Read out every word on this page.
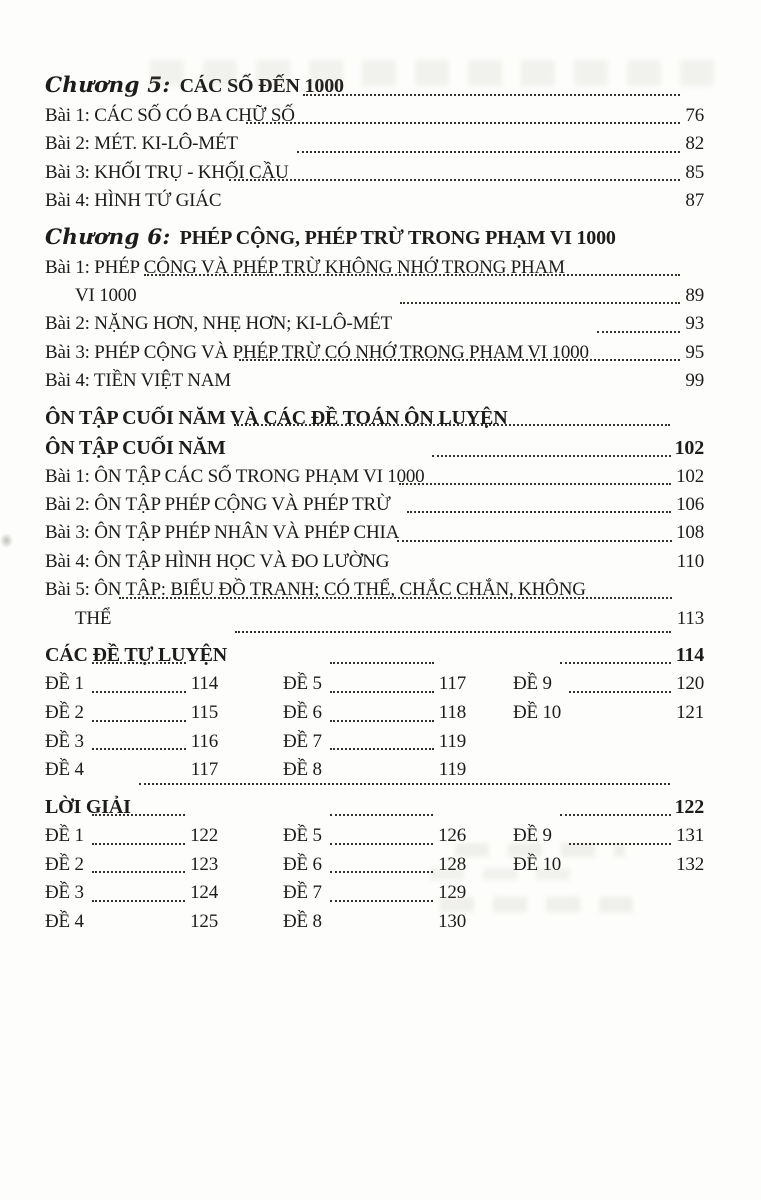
Chương 5: CÁC SỐ ĐẾN 1000
Bài 1: CÁC SỐ CÓ BA CHỮ SỐ	76
Bài 2: MÉT. KI-LÔ-MÉT	82
Bài 3: KHỐI TRỤ - KHỐI CẦU	85
Bài 4: HÌNH TỨ GIÁC	87
Chương 6: PHÉP CỘNG, PHÉP TRỪ TRONG PHẠM VI 1000
Bài 1: PHÉP CỘNG VÀ PHÉP TRỪ KHÔNG NHỚ TRONG PHẠM
VI 1000	89
Bài 2: NẶNG HƠN, NHẸ HƠN; KI-LÔ-MÉT	93
Bài 3: PHÉP CỘNG VÀ PHÉP TRỪ CÓ NHỚ TRONG PHẠM VI 1000	95
Bài 4: TIỀN VIỆT NAM	99
ÔN TẬP CUỐI NĂM VÀ CÁC ĐỀ TOÁN ÔN LUYỆN
ÔN TẬP CUỐI NĂM	102
Bài 1: ÔN TẬP CÁC SỐ TRONG PHẠM VI 1000	102
Bài 2: ÔN TẬP PHÉP CỘNG VÀ PHÉP TRỪ	106
Bài 3: ÔN TẬP PHÉP NHÂN VÀ PHÉP CHIA	108
Bài 4: ÔN TẬP HÌNH HỌC VÀ ĐO LƯỜNG	110
Bài 5: ÔN TẬP: BIỂU ĐỒ TRANH; CÓ THỂ, CHẮC CHẮN, KHÔNG
THỂ	113
CÁC ĐỀ TỰ LUYỆN	114
ĐỀ 1	114
ĐỀ 2	115
ĐỀ 3	116
ĐỀ 4	117
ĐỀ 5	117
ĐỀ 6	118
ĐỀ 7	119
ĐỀ 8	119
ĐỀ 9	120
ĐỀ 10	121
LỜI GIẢI	122
ĐỀ 1	122
ĐỀ 2	123
ĐỀ 3	124
ĐỀ 4	125
ĐỀ 5	126
ĐỀ 6	128
ĐỀ 7	129
ĐỀ 8	130
ĐỀ 9	131
ĐỀ 10	132
